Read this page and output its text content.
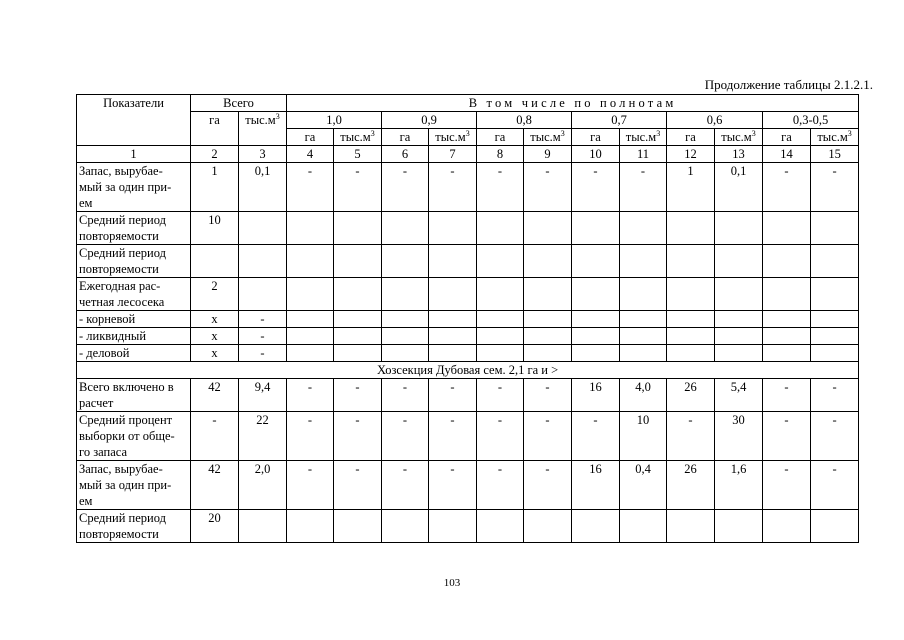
Продолжение таблицы 2.1.2.1.
Показатели	Всего		В том числе по полнотам											
	га	$тыс.м^3$	1,0		0,9		0,8		0,7		0,6		0,3-0,5	
			га	$тыс.м^3$	га	$тыс.м^3$	га	$тыс.м^3$	га	$тыс.м^3$	га	$тыс.м^3$	га	$тыс.м^3$
1	2	3	4	5	6	7	8	9	10	11	12	13	14	15

Запас, вырубае-
мый за один при-
ем	1	0,1	-	-	-	-	-	-	-	-	1	0,1	-	-

Средний период
повторяемости	10													

Средний период
повторяемости														

Ежегодная рас-
четная лесосека	2													

- корневой	х	-												

- ликвидный	х	-												

- деловой	х	-												
Хозсекция Дубовая сем. 2,1 га и >														

Всего включено в
расчет	42	9,4	-	-	-	-	-	-	16	4,0	26	5,4	-	-

Средний процент
выборки от обще-
го запаса	-	22	-	-	-	-	-	-	-	10	-	30	-	-

Запас, вырубае-
мый за один при-
ем	42	2,0	-	-	-	-	-	-	16	0,4	26	1,6	-	-

Средний период
повторяемости	20													
103
